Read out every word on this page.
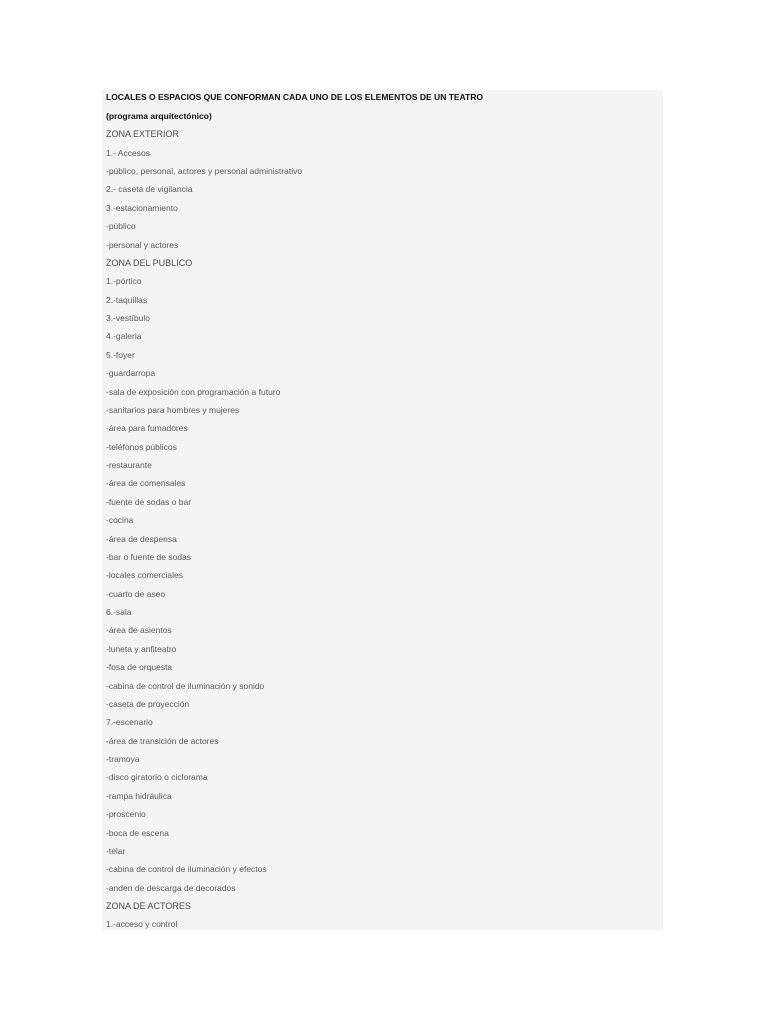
LOCALES O ESPACIOS QUE CONFORMAN CADA UNO DE LOS ELEMENTOS DE UN TEATRO
(programa arquitectónico)
ZONA EXTERIOR
1.- Accesos
-público, personal, actores y personal administrativo
2.- caseta de vigilancia
3.-estacionamiento
-público
-personal y actores
ZONA DEL PUBLICO
1.-pórtico
2.-taquillas
3.-vestíbulo
4.-galeria
5.-foyer
-guardarropa
-sala de exposición con programación a futuro
-sanitarios para hombres y mujeres
-área para fumadores
-teléfonos públicos
-restaurante
-área de comensales
-fuente de sodas o bar
-cocina
-área de despensa
-bar o fuente de sodas
-locales comerciales
-cuarto de aseo
6.-sala
-área de asientos
-luneta y anfiteatro
-fosa de orquesta
-cabina de control de iluminación y sonido
-caseta de proyección
7.-escenario
-área de transición de actores
-tramoya
-disco giratorio o ciclorama
-rampa hidráulica
-proscenio
-boca de escena
-telar
-cabina de control de iluminación y efectos
-anden de descarga de decorados
ZONA DE ACTORES
1.-acceso y control
